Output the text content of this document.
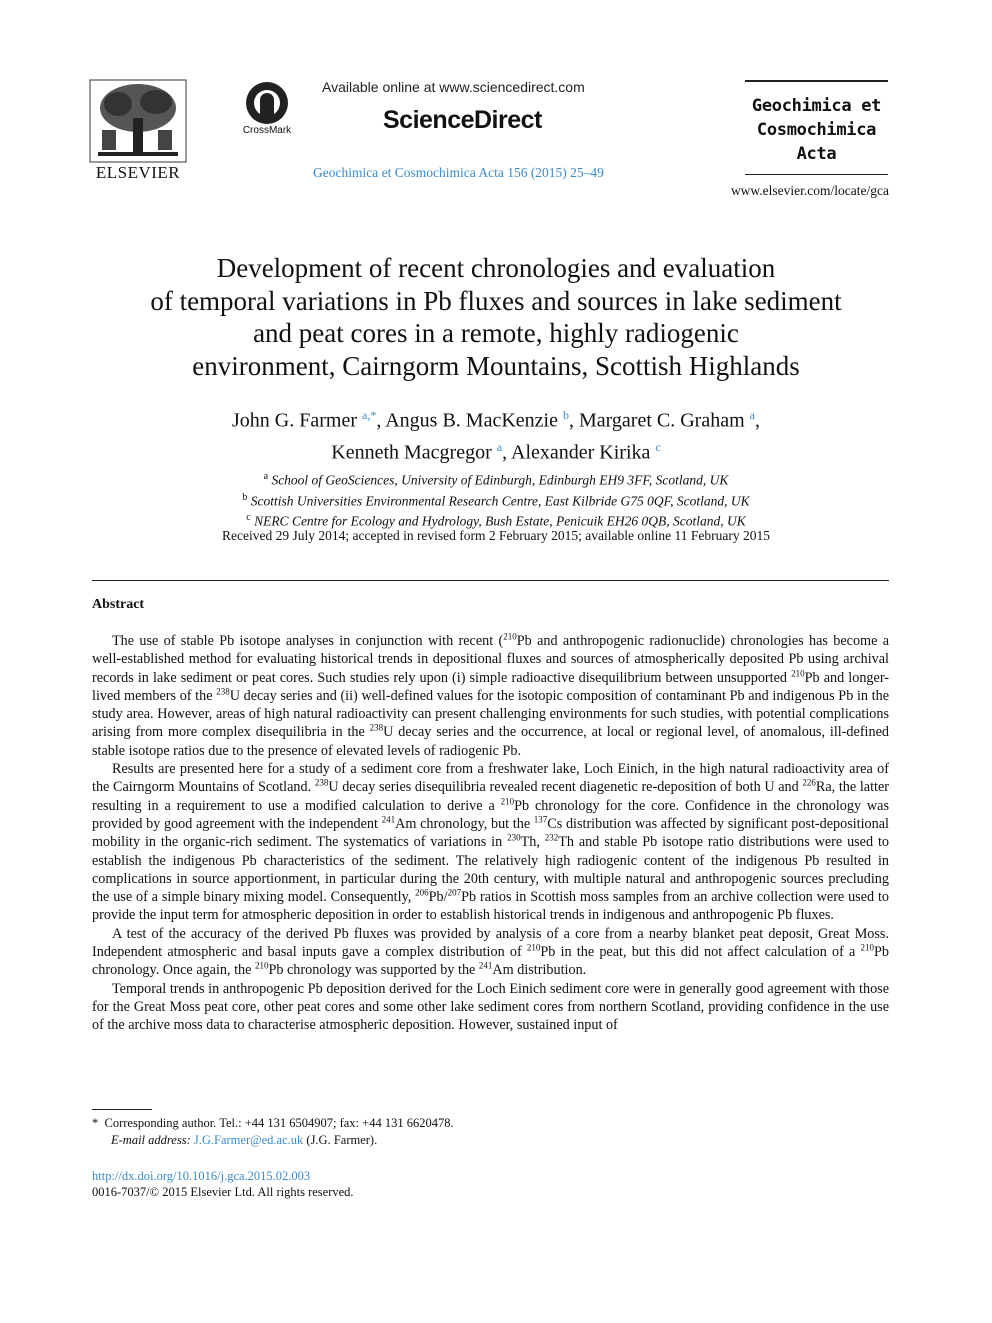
ELSEVIER
CrossMark
Available online at www.sciencedirect.com
ScienceDirect
Geochimica et Cosmochimica Acta 156 (2015) 25–49
Geochimica et
Cosmochimica
Acta
www.elsevier.com/locate/gca
Development of recent chronologies and evaluation
of temporal variations in Pb fluxes and sources in lake sediment
and peat cores in a remote, highly radiogenic
environment, Cairngorm Mountains, Scottish Highlands
John G. Farmer $^{a,*}$, Angus B. MacKenzie $^b$, Margaret C. Graham $^a$,
Kenneth Macgregor $^a$, Alexander Kirika $^c$
$^a$ School of GeoSciences, University of Edinburgh, Edinburgh EH9 3FF, Scotland, UK
$^b$ Scottish Universities Environmental Research Centre, East Kilbride G75 0QF, Scotland, UK
$^c$ NERC Centre for Ecology and Hydrology, Bush Estate, Penicuik EH26 0QB, Scotland, UK
Received 29 July 2014; accepted in revised form 2 February 2015; available online 11 February 2015
Abstract

The use of stable Pb isotope analyses in conjunction with recent ($^{210}$Pb and anthropogenic radionuclide) chronologies has become a well-established method for evaluating historical trends in depositional fluxes and sources of atmospherically deposited Pb using archival records in lake sediment or peat cores. Such studies rely upon (i) simple radioactive disequilibrium between unsupported $^{210}$Pb and longer-lived members of the $^{238}$U decay series and (ii) well-defined values for the isotopic composition of contaminant Pb and indigenous Pb in the study area. However, areas of high natural radioactivity can present challenging environments for such studies, with potential complications arising from more complex disequilibria in the $^{238}$U decay series and the occurrence, at local or regional level, of anomalous, ill-defined stable isotope ratios due to the presence of elevated levels of radiogenic Pb.

Results are presented here for a study of a sediment core from a freshwater lake, Loch Einich, in the high natural radioactivity area of the Cairngorm Mountains of Scotland. $^{238}$U decay series disequilibria revealed recent diagenetic re-deposition of both U and $^{226}$Ra, the latter resulting in a requirement to use a modified calculation to derive a $^{210}$Pb chronology for the core. Confidence in the chronology was provided by good agreement with the independent $^{241}$Am chronology, but the $^{137}$Cs distribution was affected by significant post-depositional mobility in the organic-rich sediment. The systematics of variations in $^{230}$Th, $^{232}$Th and stable Pb isotope ratio distributions were used to establish the indigenous Pb characteristics of the sediment. The relatively high radiogenic content of the indigenous Pb resulted in complications in source apportionment, in particular during the 20th century, with multiple natural and anthropogenic sources precluding the use of a simple binary mixing model. Consequently, $^{206}$Pb/$^{207}$Pb ratios in Scottish moss samples from an archive collection were used to provide the input term for atmospheric deposition in order to establish historical trends in indigenous and anthropogenic Pb fluxes.

A test of the accuracy of the derived Pb fluxes was provided by analysis of a core from a nearby blanket peat deposit, Great Moss. Independent atmospheric and basal inputs gave a complex distribution of $^{210}$Pb in the peat, but this did not affect calculation of a $^{210}$Pb chronology. Once again, the $^{210}$Pb chronology was supported by the $^{241}$Am distribution.

Temporal trends in anthropogenic Pb deposition derived for the Loch Einich sediment core were in generally good agreement with those for the Great Moss peat core, other peat cores and some other lake sediment cores from northern Scotland, providing confidence in the use of the archive moss data to characterise atmospheric deposition. However, sustained input of

* Corresponding author. Tel.: +44 131 6504907; fax: +44 131 6620478.
E-mail address: J.G.Farmer@ed.ac.uk (J.G. Farmer).
http://dx.doi.org/10.1016/j.gca.2015.02.003
0016-7037/© 2015 Elsevier Ltd. All rights reserved.
